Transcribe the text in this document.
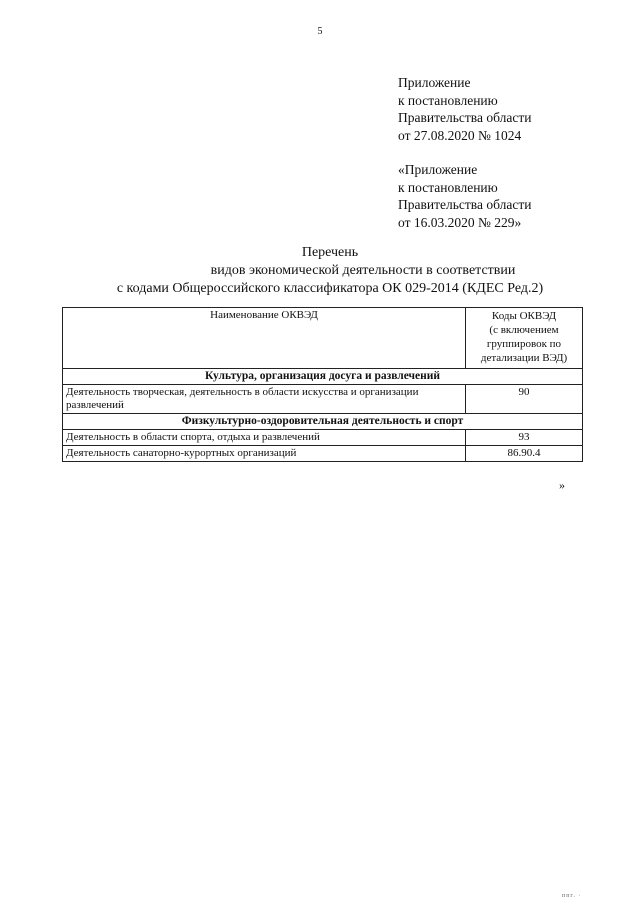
5
Приложение
к постановлению
Правительства области
от 27.08.2020 № 1024
«Приложение
к постановлению
Правительства области
от 16.03.2020 № 229»
Перечень
видов экономической деятельности в соответствии
с кодами Общероссийского классификатора ОК 029-2014 (КДЕС Ред.2)
Наименование ОКВЭД	Коды ОКВЭД
(с включением
группировок по
детализации ВЭД)

Культура, организация досуга и развлечений	
Деятельность творческая, деятельность в области искусства и организации развлечений	90
Физкультурно-оздоровительная деятельность и спорт	
Деятельность в области спорта, отдыха и развлечений	93
Деятельность санаторно-курортных организаций	86.90.4
»
ппг. ·
